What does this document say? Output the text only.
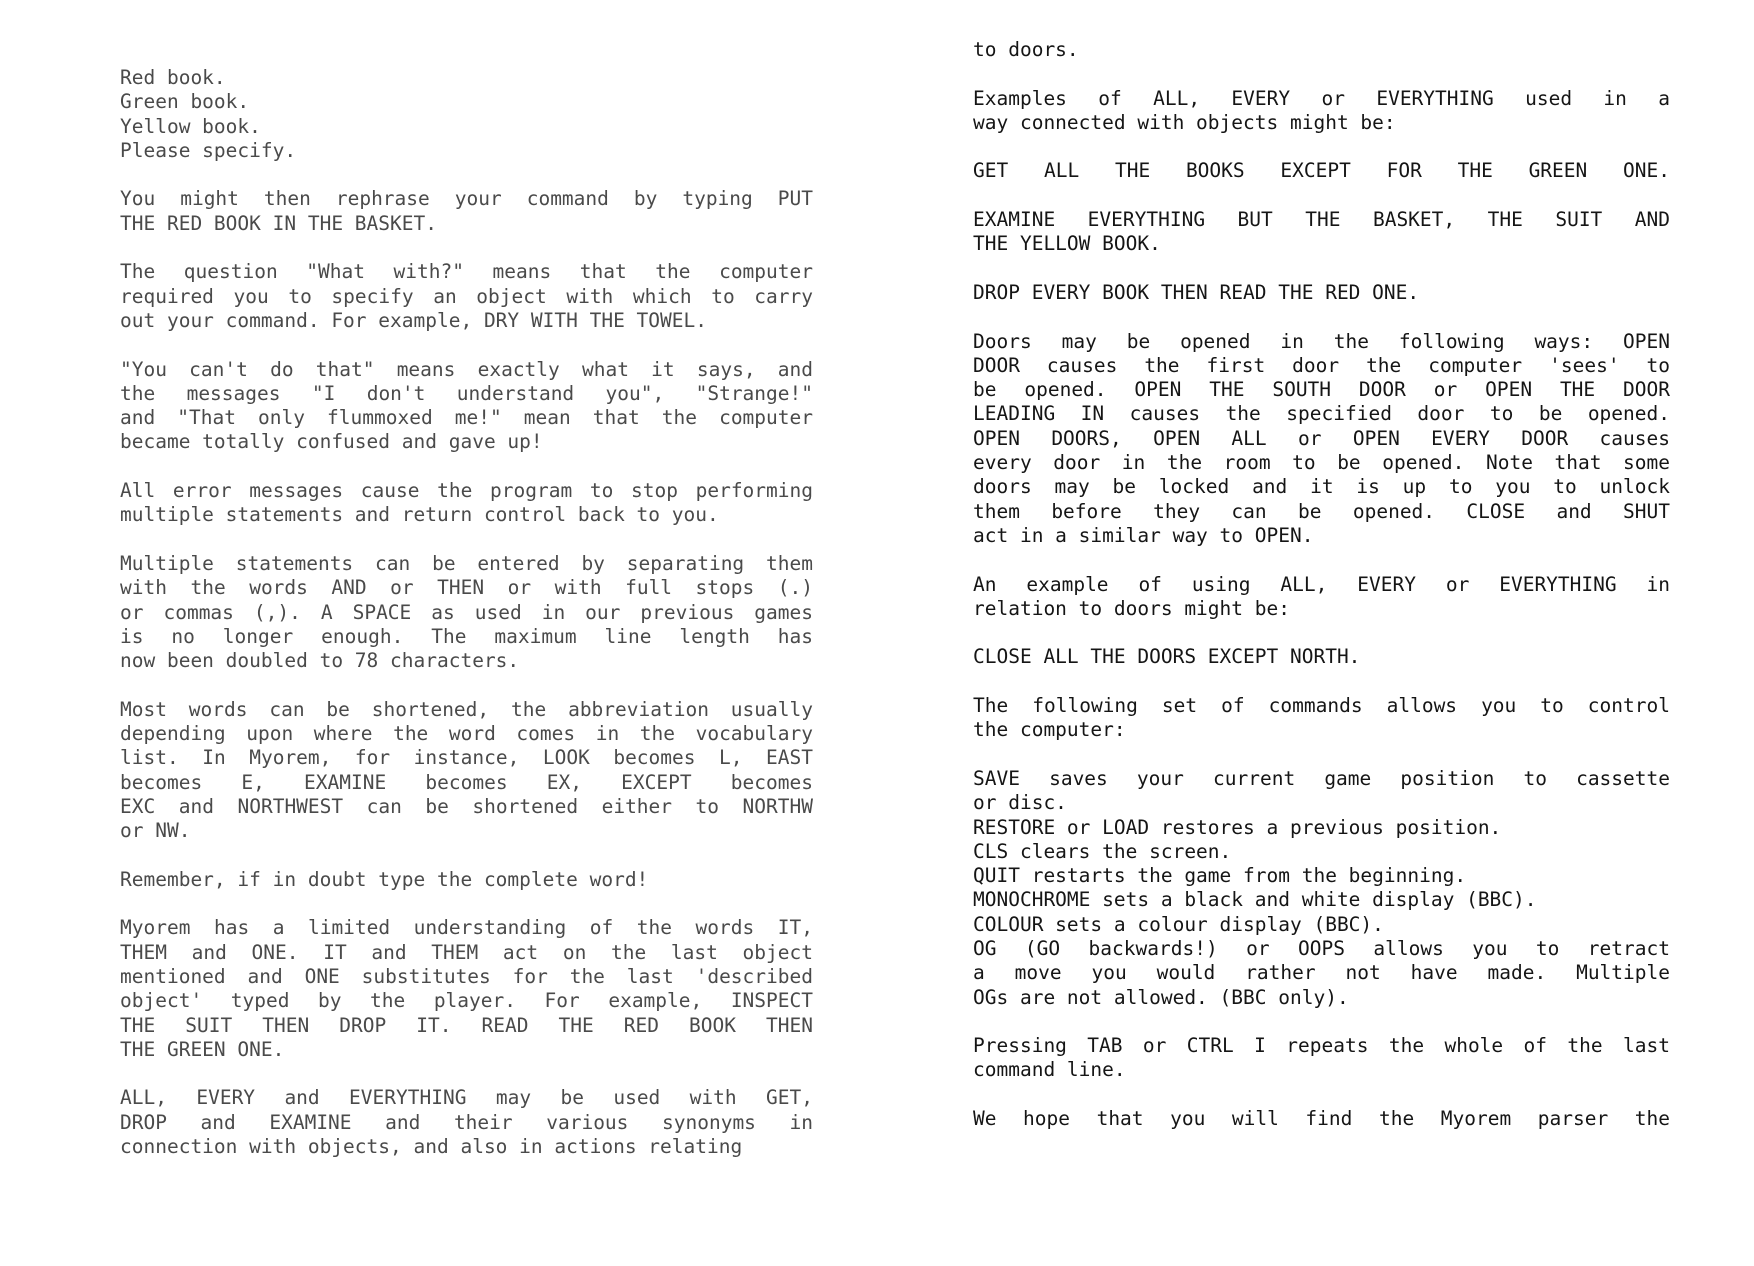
Red book.
Green book.
Yellow book.
Please specify.
You might then rephrase your command by typing PUT
THE RED BOOK IN THE BASKET.
The question "What with?" means that the computer
required you to specify an object with which to carry
out your command. For example, DRY WITH THE TOWEL.
"You can't do that" means exactly what it says, and
the messages "I don't understand you", "Strange!"
and "That only flummoxed me!" mean that the computer
became totally confused and gave up!
All error messages cause the program to stop performing
multiple statements and return control back to you.
Multiple statements can be entered by separating them
with the words AND or THEN or with full stops (.)
or commas (,). A SPACE as used in our previous games
is no longer enough. The maximum line length has
now been doubled to 78 characters.
Most words can be shortened, the abbreviation usually
depending upon where the word comes in the vocabulary
list. In Myorem, for instance, LOOK becomes L, EAST
becomes E, EXAMINE becomes EX, EXCEPT becomes
EXC and NORTHWEST can be shortened either to NORTHW
or NW.
Remember, if in doubt type the complete word!
Myorem has a limited understanding of the words IT,
THEM and ONE. IT and THEM act on the last object
mentioned and ONE substitutes for the last 'described
object' typed by the player. For example, INSPECT
THE SUIT THEN DROP IT. READ THE RED BOOK THEN
THE GREEN ONE.
ALL, EVERY and EVERYTHING may be used with GET,
DROP and EXAMINE and their various synonyms in
connection with objects, and also in actions relating
to doors.
Examples of ALL, EVERY or EVERYTHING used in a
way connected with objects might be:
GET ALL THE BOOKS EXCEPT FOR THE GREEN ONE.
EXAMINE EVERYTHING BUT THE BASKET, THE SUIT AND
THE YELLOW BOOK.
DROP EVERY BOOK THEN READ THE RED ONE.
Doors may be opened in the following ways: OPEN
DOOR causes the first door the computer 'sees' to
be opened. OPEN THE SOUTH DOOR or OPEN THE DOOR
LEADING IN causes the specified door to be opened.
OPEN DOORS, OPEN ALL or OPEN EVERY DOOR causes
every door in the room to be opened. Note that some
doors may be locked and it is up to you to unlock
them before they can be opened. CLOSE and SHUT
act in a similar way to OPEN.
An example of using ALL, EVERY or EVERYTHING in
relation to doors might be:
CLOSE ALL THE DOORS EXCEPT NORTH.
The following set of commands allows you to control
the computer:
SAVE saves your current game position to cassette
or disc.
RESTORE or LOAD restores a previous position.
CLS clears the screen.
QUIT restarts the game from the beginning.
MONOCHROME sets a black and white display (BBC).
COLOUR sets a colour display (BBC).
OG (GO backwards!) or OOPS allows you to retract
a move you would rather not have made. Multiple
OGs are not allowed. (BBC only).
Pressing TAB or CTRL I repeats the whole of the last
command line.
We hope that you will find the Myorem parser the
